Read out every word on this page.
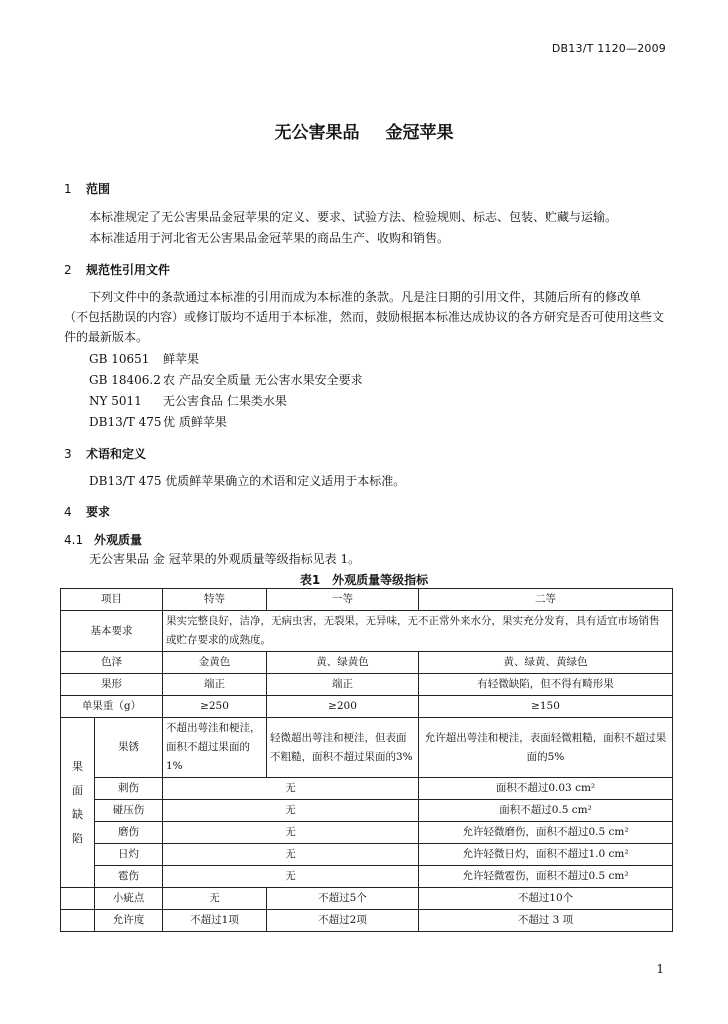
DB13/T 1120—2009
无公害果品 金冠苹果
1 范围
本标准规定了无公害果品金冠苹果的定义、要求、试验方法、检验规则、标志、包装、贮藏与运输。
本标准适用于河北省无公害果品金冠苹果的商品生产、收购和销售。
2 规范性引用文件
下列文件中的条款通过本标准的引用而成为本标准的条款。凡是注日期的引用文件，其随后所有的修改单（不包括勘误的内容）或修订版均不适用于本标准，然而，鼓励根据本标准达成协议的各方研究是否可使用这些文件的最新版本。
GB 10651 鲜苹果
GB 18406.2 农 产品安全质量 无公害水果安全要求
NY 5011 无公害食品 仁果类水果
DB13/T 475 优 质鲜苹果
3 术语和定义
DB13/T 475 优质鲜苹果确立的术语和定义适用于本标准。
4 要求
4.1 外观质量
无公害果品 金 冠苹果的外观质量等级指标见表 1。
表1　外观质量等级指标
项目		特等	一等	二等
基本要求		果实完整良好，洁净，无病虫害，无裂果，无异味，无不正常外来水分，果实充分发育，具有适宜市场销售或贮存要求的成熟度。		
色泽		金黄色	黄、绿黄色	黄、绿黄、黄绿色
果形		端正	端正	有轻微缺陷，但不得有畸形果
单果重（g）		≥250	≥200	≥150
果
面
缺
陷	果锈	不超出萼洼和梗洼，面积不超过果面的1%	轻微超出萼洼和梗洼，但表面不粗糙，面积不超过果面的3%	允许超出萼洼和梗洼，表面轻微粗糙，面积不超过果面的5%
	刺伤	无		面积不超过0.03 cm²
	碰压伤	无		面积不超过0.5 cm²
	磨伤	无		允许轻微磨伤，面积不超过0.5 cm²
	日灼	无		允许轻微日灼，面积不超过1.0 cm²
	雹伤	无		允许轻微雹伤，面积不超过0.5 cm²
	小疵点	无	不超过5个	不超过10个
	允许度	不超过1项	不超过2项	不超过 3 项
1
